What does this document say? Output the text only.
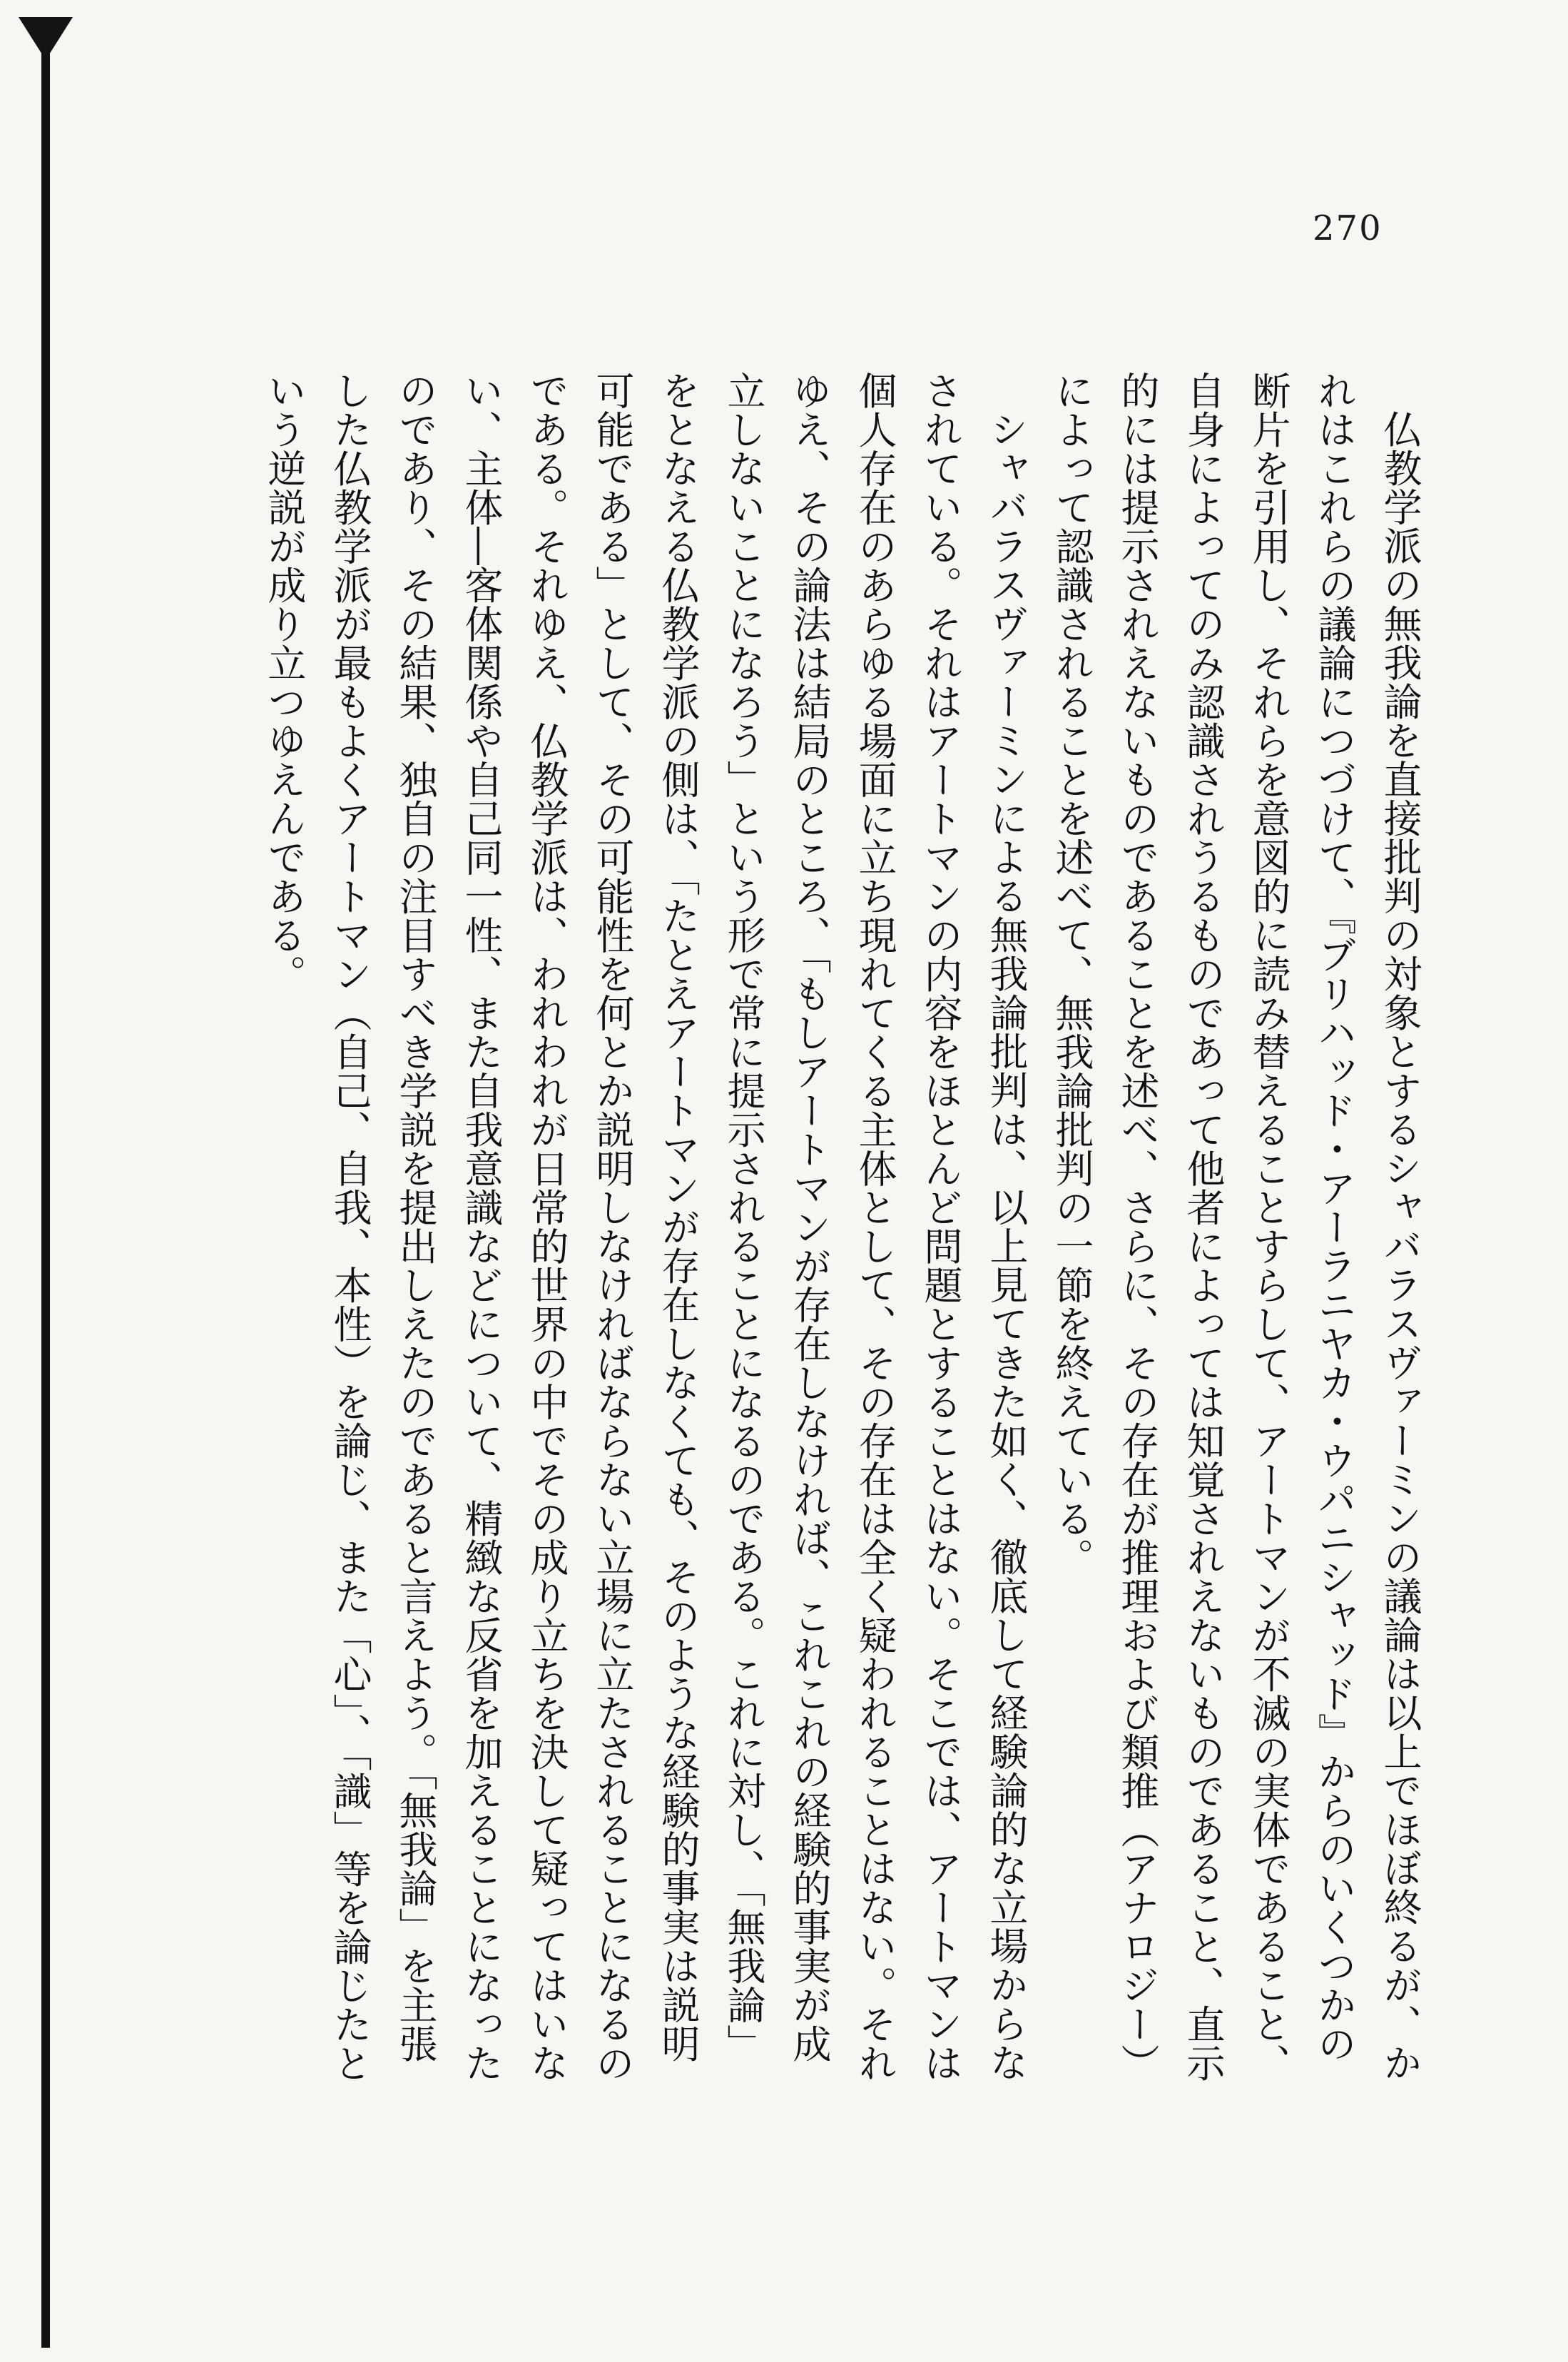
270

仏教学派の無我論を直接批判の対象とするシャバラスヴァーミンの議論は以上でほぼ終るが、かれはこれらの議論につづけて、『ブリハッド・アーラニヤカ・ウパニシャッド』からのいくつかの断片を引用し、それらを意図的に読み替えることすらして、アートマンが不滅の実体であること、自身によってのみ認識されうるものであって他者によっては知覚されえないものであること、直示的には提示されえないものであることを述べ、さらに、その存在が推理および類推（アナロジー）によって認識されることを述べて、無我論批判の一節を終えている。

シャバラスヴァーミンによる無我論批判は、以上見てきた如く、徹底して経験論的な立場からなされている。それはアートマンの内容をほとんど問題とすることはない。そこでは、アートマンは個人存在のあらゆる場面に立ち現れてくる主体として、その存在は全く疑われることはない。それゆえ、その論法は結局のところ、「もしアートマンが存在しなければ、これこれの経験的事実が成立しないことになろう」という形で常に提示されることになるのである。これに対し、「無我論」をとなえる仏教学派の側は、「たとえアートマンが存在しなくても、そのような経験的事実は説明可能である」として、その可能性を何とか説明しなければならない立場に立たされることになるのである。それゆえ、仏教学派は、われわれが日常的世界の中でその成り立ちを決して疑ってはいない、主体―客体関係や自己同一性、また自我意識などについて、精緻な反省を加えることになったのであり、その結果、独自の注目すべき学説を提出しえたのであると言えよう。「無我論」を主張した仏教学派が最もよくアートマン（自己、自我、本性）を論じ、また「心」、「識」等を論じたという逆説が成り立つゆえんである。
